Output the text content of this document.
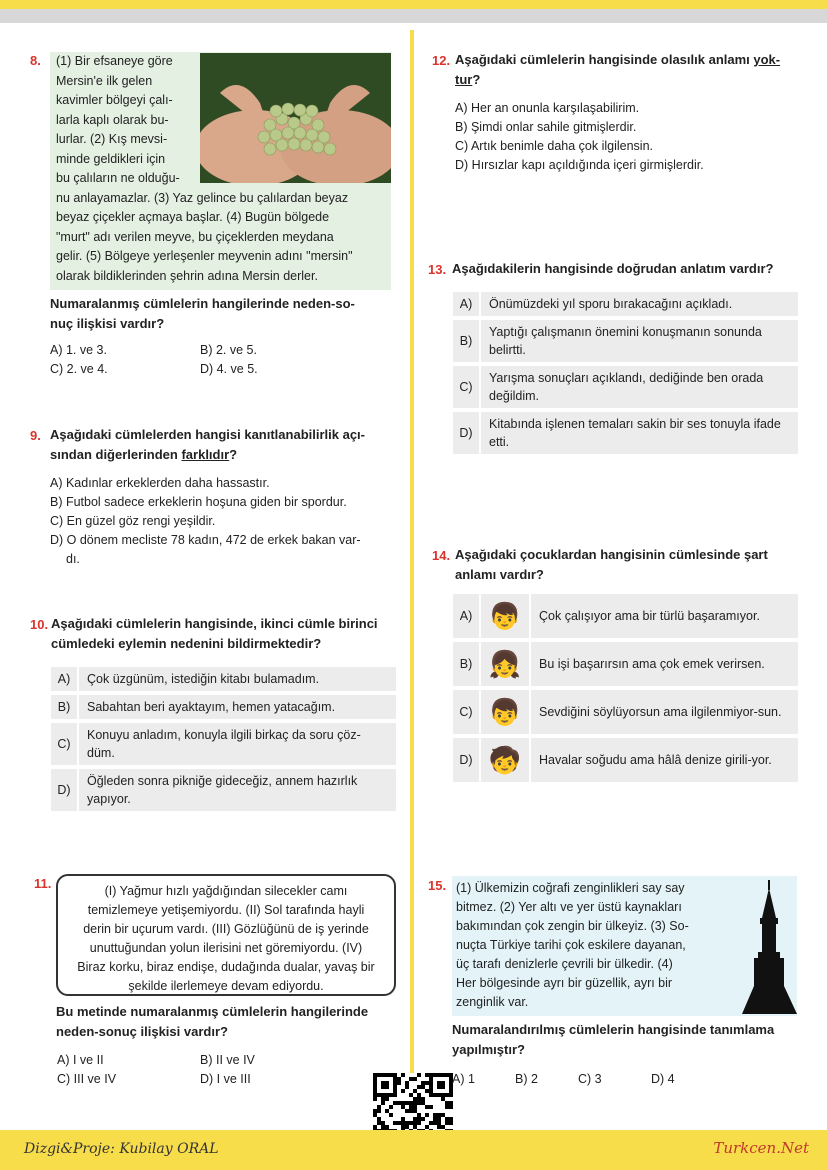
8. (1) Bir efsaneye göre
Mersin'e ilk gelen
kavimler bölgeyi çalı-
larla kaplı olarak bu-
lurlar. (2) Kış mevsi-
minde geldikleri için
bu çalıların ne olduğu-
nu anlayamazlar. (3) Yaz gelince bu çalılardan beyaz
beyaz çiçekler açmaya başlar. (4) Bugün bölgede
"murt" adı verilen meyve, bu çiçeklerden meydana
gelir. (5) Bölgeye yerleşenler meyvenin adını "mersin"
olarak bildiklerinden şehrin adına Mersin derler.
Numaralanmış cümlelerin hangilerinde neden-so-
nuç ilişkisi vardır?
A) 1. ve 3.	B) 2. ve 5.
C) 2. ve 4.	D) 4. ve 5.
9. Aşağıdaki cümlelerden hangisi kanıtlanabilirlik açı-
sından diğerlerinden farklıdır?
A) Kadınlar erkeklerden daha hassastır.
B) Futbol sadece erkeklerin hoşuna giden bir spordur.
C) En güzel göz rengi yeşildir.
D) O dönem mecliste 78 kadın, 472 de erkek bakan var-
dı.
10. Aşağıdaki cümlelerin hangisinde, ikinci cümle birinci
cümledeki eylemin nedenini bildirmektedir?
A)	Çok üzgünüm, istediğin kitabı bulamadım.
B)	Sabahtan beri ayaktayım, hemen yatacağım.
C)
Konuyu anladım, konuyla ilgili birkaç da soru çöz-düm.
D)
Öğleden sonra pikniğe gideceğiz, annem hazırlık yapıyor.
11.	(I) Yağmur hızlı yağdığından silecekler camı
temizlemeye yetişemiyordu. (II) Sol tarafında hayli
derin bir uçurum vardı. (III) Gözlüğünü de iş yerinde
unuttuğundan yolun ilerisini net göremiyordu. (IV)
Biraz korku, biraz endişe, dudağında dualar, yavaş bir
şekilde ilerlemeye devam ediyordu.
Bu metinde numaralanmış cümlelerin hangilerinde
neden-sonuç ilişkisi vardır?
A) I ve II	B) II ve IV
C) III ve IV	D) I ve III
12. Aşağıdaki cümlelerin hangisinde olasılık anlamı yok-
tur?
A) Her an onunla karşılaşabilirim.
B) Şimdi onlar sahile gitmişlerdir.
C) Artık benimle daha çok ilgilensin.
D) Hırsızlar kapı açıldığında içeri girmişlerdir.
13. Aşağıdakilerin hangisinde doğrudan anlatım vardır?
A)	Önümüzdeki yıl sporu bırakacağını açıkladı.
B)
Yaptığı çalışmanın önemini konuşmanın sonunda belirtti.
C)
Yarışma sonuçları açıklandı, dediğinde ben orada değildim.
D)
Kitabında işlenen temaları sakin bir ses tonuyla ifade etti.
14. Aşağıdaki çocuklardan hangisinin cümlesinde şart
anlamı vardır?
A) 👦	Çok çalışıyor ama bir türlü başaramıyor.
B) 👧	Bu işi başarırsın ama çok emek verirsen.
C) 👦	Sevdiğini söylüyorsun ama ilgilenmiyor-sun.
D) 🧒	Havalar soğudu ama hâlâ denize girili-yor.
15. (1) Ülkemizin coğrafi zenginlikleri say say
bitmez. (2) Yer altı ve yer üstü kaynakları
bakımından çok zengin bir ülkeyiz. (3) So-
nuçta Türkiye tarihi çok eskilere dayanan,
üç tarafı denizlerle çevrili bir ülkedir. (4)
Her bölgesinde ayrı bir güzellik, ayrı bir
zenginlik var.
Numaralandırılmış cümlelerin hangisinde tanımlama
yapılmıştır?
A) 1	B) 2	C) 3	D) 4
Dizgi&Proje: Kubilay ORAL	Turkcen.Net
